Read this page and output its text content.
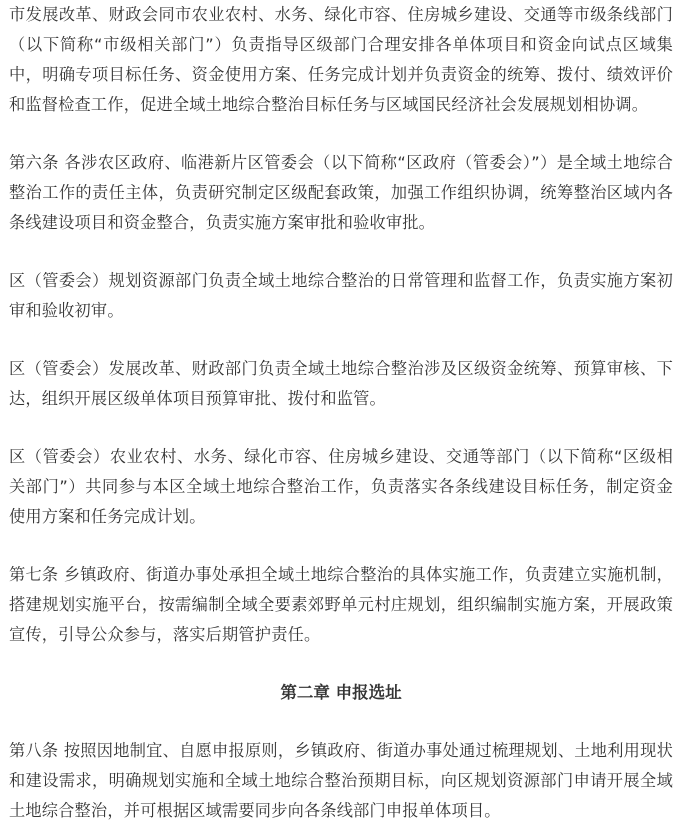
市发展改革、财政会同市农业农村、水务、绿化市容、住房城乡建设、交通等市级条线部门（以下简称“市级相关部门”）负责指导区级部门合理安排各单体项目和资金向试点区域集中，明确专项目标任务、资金使用方案、任务完成计划并负责资金的统筹、拨付、绩效评价和监督检查工作，促进全域土地综合整治目标任务与区域国民经济社会发展规划相协调。

第六条 各涉农区政府、临港新片区管委会（以下简称“区政府（管委会）”）是全域土地综合整治工作的责任主体，负责研究制定区级配套政策，加强工作组织协调，统筹整治区域内各条线建设项目和资金整合，负责实施方案审批和验收审批。

区（管委会）规划资源部门负责全域土地综合整治的日常管理和监督工作，负责实施方案初审和验收初审。

区（管委会）发展改革、财政部门负责全域土地综合整治涉及区级资金统筹、预算审核、下达，组织开展区级单体项目预算审批、拨付和监管。

区（管委会）农业农村、水务、绿化市容、住房城乡建设、交通等部门（以下简称“区级相关部门”）共同参与本区全域土地综合整治工作，负责落实各条线建设目标任务，制定资金使用方案和任务完成计划。

第七条 乡镇政府、街道办事处承担全域土地综合整治的具体实施工作，负责建立实施机制，搭建规划实施平台，按需编制全域全要素郊野单元村庄规划，组织编制实施方案，开展政策宣传，引导公众参与，落实后期管护责任。

第二章 申报选址

第八条 按照因地制宜、自愿申报原则，乡镇政府、街道办事处通过梳理规划、土地利用现状和建设需求，明确规划实施和全域土地综合整治预期目标，向区规划资源部门申请开展全域土地综合整治，并可根据区域需要同步向各条线部门申报单体项目。
